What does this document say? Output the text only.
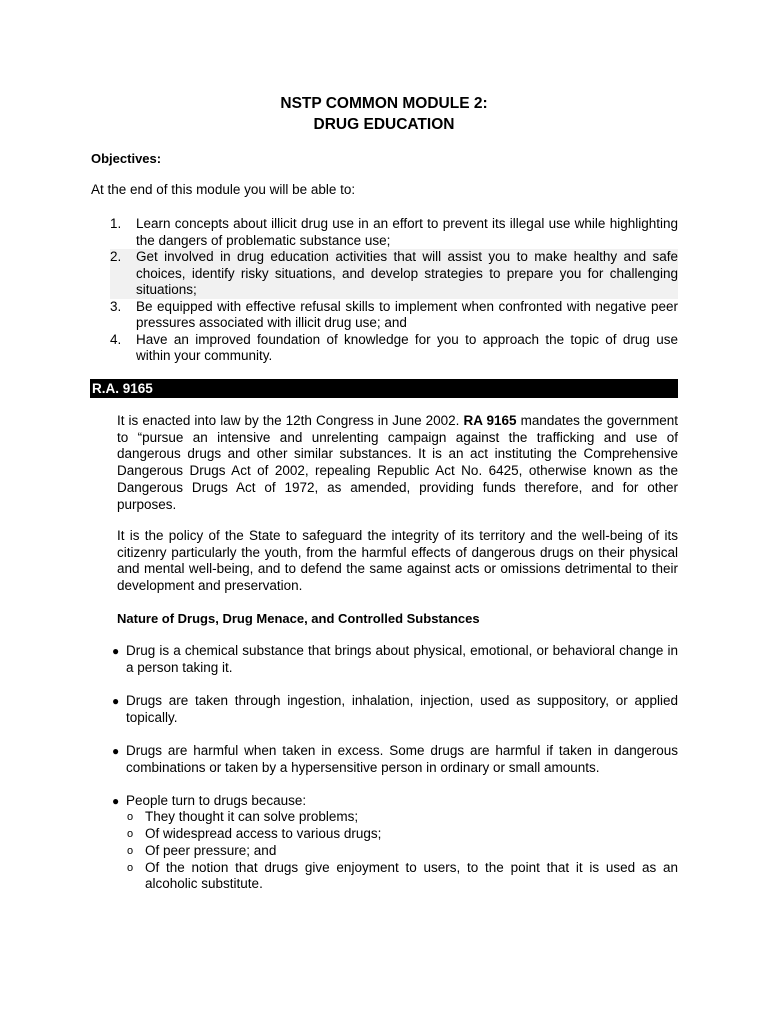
NSTP COMMON MODULE 2:
DRUG EDUCATION
Objectives:
At the end of this module you will be able to:
1. Learn concepts about illicit drug use in an effort to prevent its illegal use while highlighting the dangers of problematic substance use;
2. Get involved in drug education activities that will assist you to make healthy and safe choices, identify risky situations, and develop strategies to prepare you for challenging situations;
3. Be equipped with effective refusal skills to implement when confronted with negative peer pressures associated with illicit drug use; and
4. Have an improved foundation of knowledge for you to approach the topic of drug use within your community.
R.A. 9165
It is enacted into law by the 12th Congress in June 2002. RA 9165 mandates the government to “pursue an intensive and unrelenting campaign against the trafficking and use of dangerous drugs and other similar substances. It is an act instituting the Comprehensive Dangerous Drugs Act of 2002, repealing Republic Act No. 6425, otherwise known as the Dangerous Drugs Act of 1972, as amended, providing funds therefore, and for other purposes.
It is the policy of the State to safeguard the integrity of its territory and the well-being of its citizenry particularly the youth, from the harmful effects of dangerous drugs on their physical and mental well-being, and to defend the same against acts or omissions detrimental to their development and preservation.
Nature of Drugs, Drug Menace, and Controlled Substances
● Drug is a chemical substance that brings about physical, emotional, or behavioral change in a person taking it.
● Drugs are taken through ingestion, inhalation, injection, used as suppository, or applied topically.
● Drugs are harmful when taken in excess. Some drugs are harmful if taken in dangerous combinations or taken by a hypersensitive person in ordinary or small amounts.
● People turn to drugs because:
o They thought it can solve problems;
o Of widespread access to various drugs;
o Of peer pressure; and
o Of the notion that drugs give enjoyment to users, to the point that it is used as an alcoholic substitute.
